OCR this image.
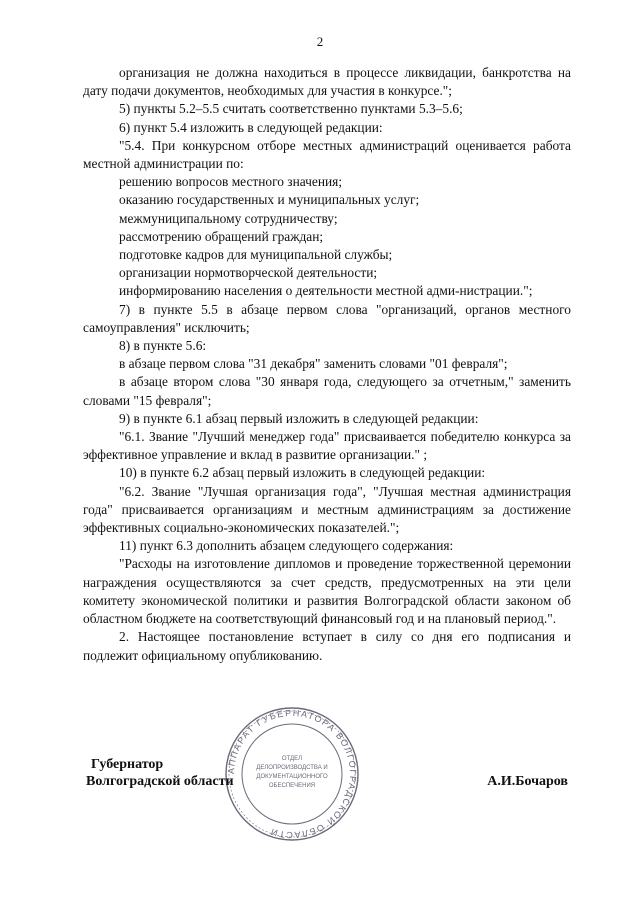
2

организация не должна находиться в процессе ликвидации, банкротства на дату подачи документов, необходимых для участия в конкурсе.";

5) пункты 5.2–5.5 считать соответственно пунктами 5.3–5.6;

6) пункт 5.4 изложить в следующей редакции:

"5.4. При конкурсном отборе местных администраций оценивается работа местной администрации по:

решению вопросов местного значения;

оказанию государственных и муниципальных услуг;

межмуниципальному сотрудничеству;

рассмотрению обращений граждан;

подготовке кадров для муниципальной службы;

организации нормотворческой деятельности;

информированию населения о деятельности местной адми-нистрации.";

7) в пункте 5.5 в абзаце первом слова "организаций, органов местного самоуправления" исключить;

8) в пункте 5.6:

в абзаце первом слова "31 декабря" заменить словами "01 февраля";

в абзаце втором слова "30 января года, следующего за отчетным," заменить словами "15 февраля";

9) в пункте 6.1 абзац первый изложить в следующей редакции:

"6.1. Звание "Лучший менеджер года" присваивается победителю конкурса за эффективное управление и вклад в развитие организации." ;

10) в пункте 6.2 абзац первый изложить в следующей редакции:

"6.2. Звание "Лучшая организация года", "Лучшая местная администрация года" присваивается организациям и местным администрациям за достижение эффективных социально-экономических показателей.";

11) пункт 6.3 дополнить абзацем следующего содержания:

"Расходы на изготовление дипломов и проведение торжественной церемонии награждения осуществляются за счет средств, предусмотренных на эти цели комитету экономической политики и развития Волгоградской области законом об областном бюджете на соответствующий финансовый год и на плановый период.".

2. Настоящее постановление вступает в силу со дня его подписания и подлежит официальному опубликованию.

АППАРАТ ГУБЕРНАТОРА ВОЛГОГРАДСКОЙ ОБЛАСТИ
ОТДЕЛ
ДЕЛОПРОИЗВОДСТВА И
ДОКУМЕНТАЦИОННОГО
ОБЕСПЕЧЕНИЯ
Губернатор
Волгоградской области	А.И.Бочаров
